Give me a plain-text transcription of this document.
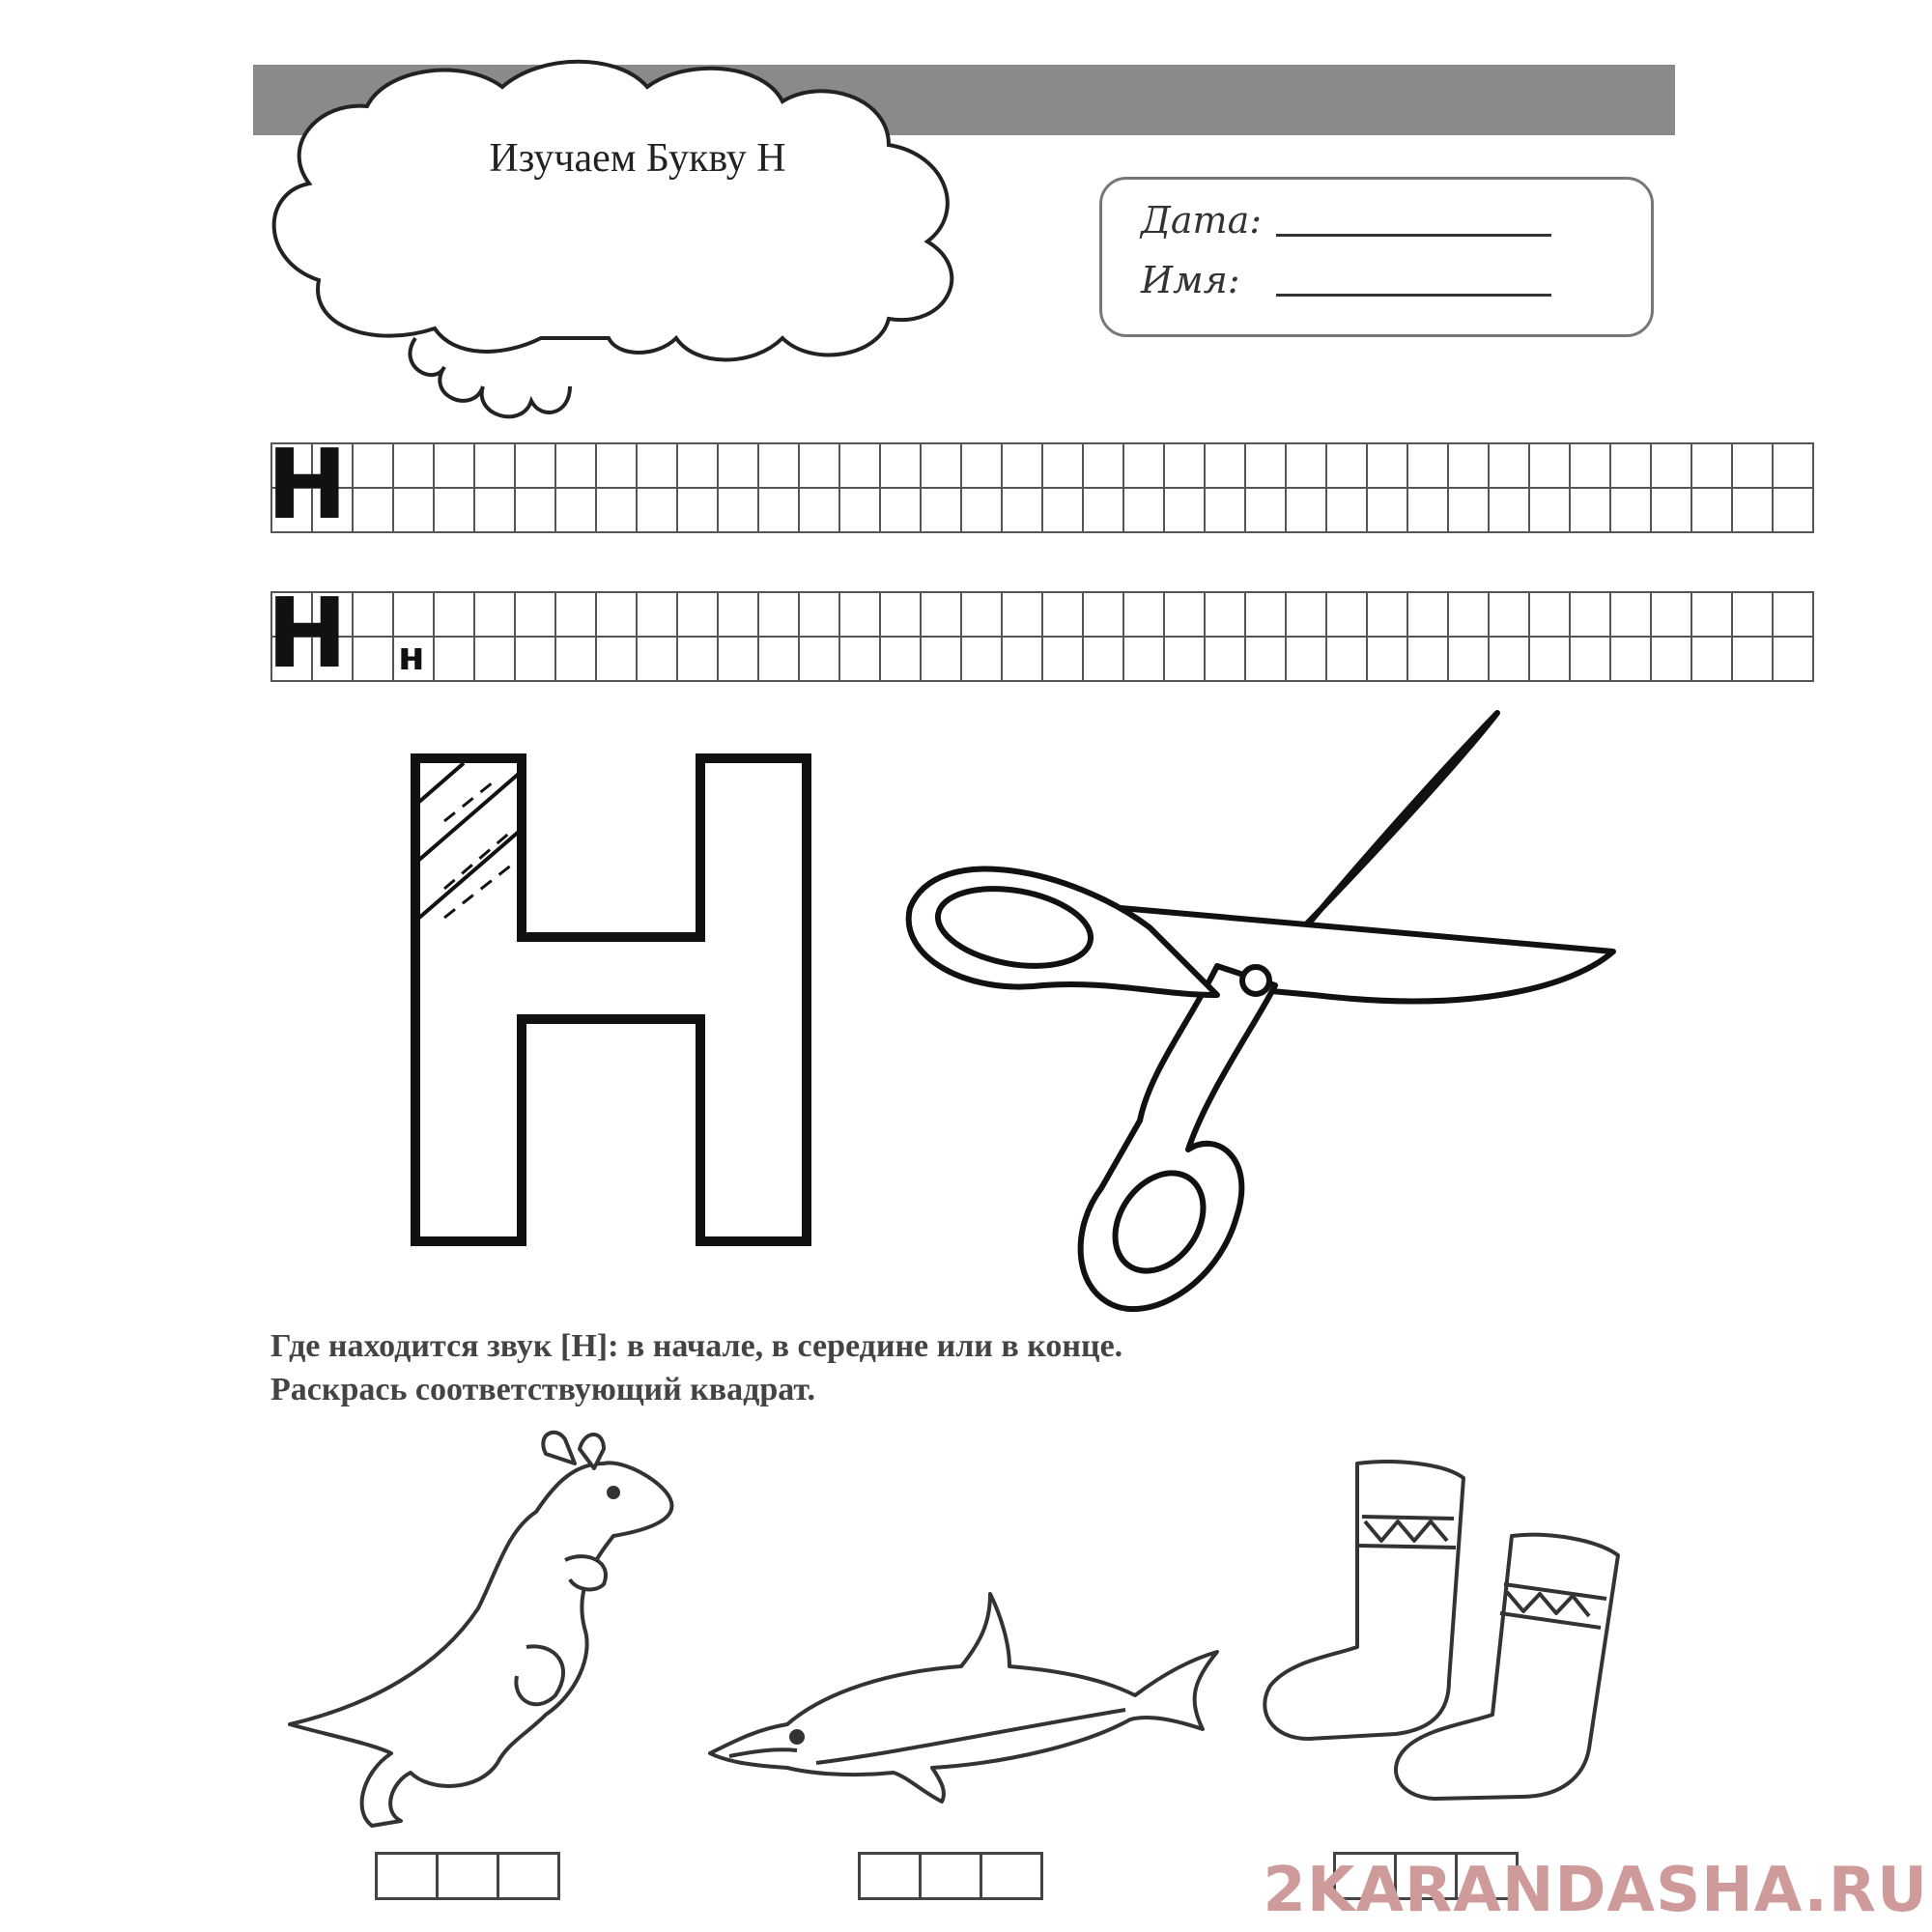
Изучаем Букву Н
Дата:
Имя:

Н

Н н
Где находится звук [Н]: в начале, в середине или в конце.
Раскрась соответствующий квадрат.
2KARANDASHA.RU
